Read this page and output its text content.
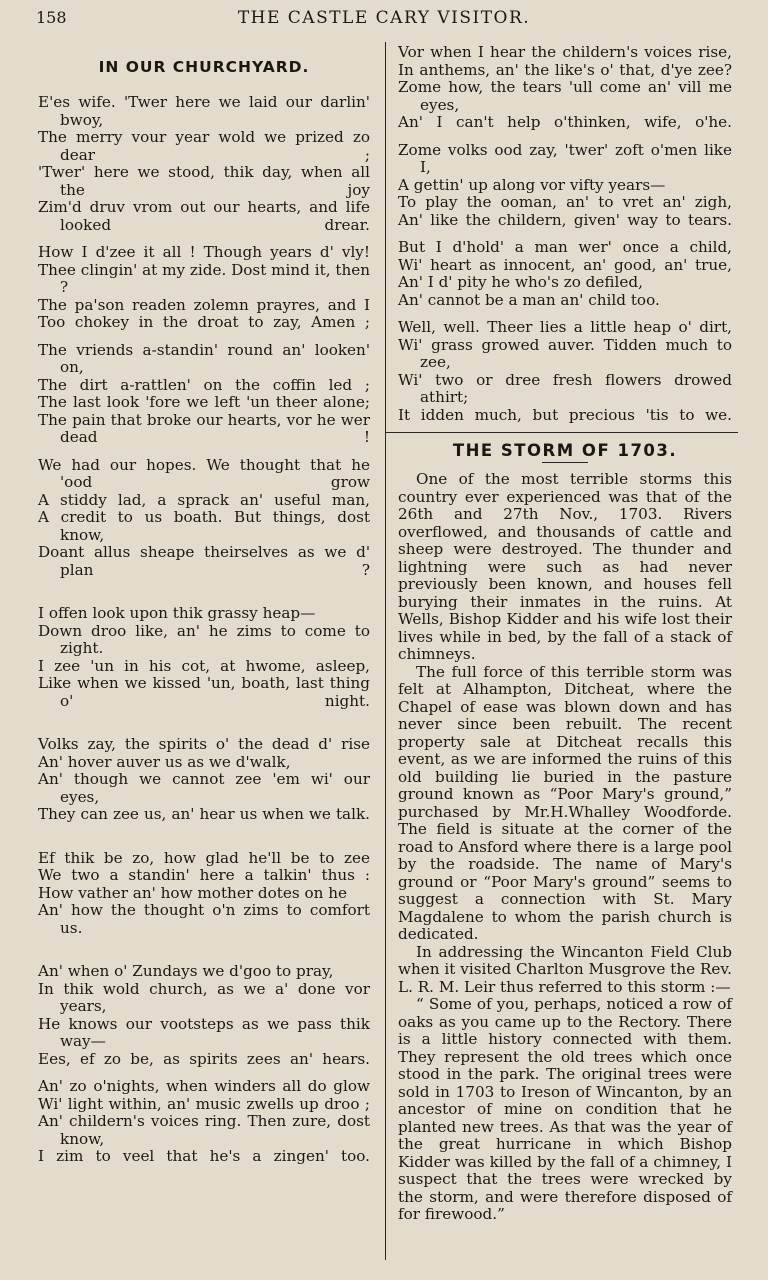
158	THE CASTLE CARY VISITOR.
IN OUR CHURCHYARD.
E'es wife. 'Twer here we laid our darlin' bwoy,
The merry vour year wold we prized zo dear ;
'Twer' here we stood, thik day, when all the joy
Zim'd druv vrom out our hearts, and life looked drear.
How I d'zee it all ! Though years d' vly!
Thee clingin' at my zide. Dost mind it, then ?
The pa'son readen zolemn prayres, and I
Too chokey in the droat to zay, Amen ;
The vriends a-standin' round an' looken' on,
The dirt a-rattlen' on the coffin led ;
The last look 'fore we left 'un theer alone;
The pain that broke our hearts, vor he wer dead !
We had our hopes. We thought that he 'ood grow
A stiddy lad, a sprack an' useful man,
A credit to us boath. But things, dost know,
Doant allus sheape theirselves as we d' plan ?
I offen look upon thik grassy heap—
Down droo like, an' he zims to come to zight.
I zee 'un in his cot, at hwome, asleep,
Like when we kissed 'un, boath, last thing o' night.
Volks zay, the spirits o' the dead d' rise
An' hover auver us as we d'walk,
An' though we cannot zee 'em wi' our eyes,
They can zee us, an' hear us when we talk.
Ef thik be zo, how glad he'll be to zee
We two a standin' here a talkin' thus :
How vather an' how mother dotes on he
An' how the thought o'n zims to comfort us.
An' when o' Zundays we d'goo to pray,
In thik wold church, as we a' done vor years,
He knows our vootsteps as we pass thik way—
Ees, ef zo be, as spirits zees an' hears.
An' zo o'nights, when winders all do glow
Wi' light within, an' music zwells up droo ;
An' childern's voices ring. Then zure, dost know,
I zim to veel that he's a zingen' too.
Vor when I hear the childern's voices rise,
In anthems, an' the like's o' that, d'ye zee?
Zome how, the tears 'ull come an' vill me eyes,
An' I can't help o'thinken, wife, o'he.
Zome volks ood zay, 'twer' zoft o'men like I,
A gettin' up along vor vifty years—
To play the ooman, an' to vret an' zigh,
An' like the childern, given' way to tears.
But I d'hold' a man wer' once a child,
Wi' heart as innocent, an' good, an' true,
An' I d' pity he who's zo defiled,
An' cannot be a man an' child too.
Well, well. Theer lies a little heap o' dirt,
Wi' grass growed auver. Tidden much to zee,
Wi' two or dree fresh flowers drowed athirt;
It idden much, but precious 'tis to we.
THE STORM OF 1703.

One of the most terrible storms this country ever experienced was that of the 26th and 27th Nov., 1703. Rivers overflowed, and thousands of cattle and sheep were destroyed. The thunder and lightning were such as had never previously been known, and houses fell burying their inmates in the ruins. At Wells, Bishop Kidder and his wife lost their lives while in bed, by the fall of a stack of chimneys.

The full force of this terrible storm was felt at Alhampton, Ditcheat, where the Chapel of ease was blown down and has never since been rebuilt. The recent property sale at Ditcheat recalls this event, as we are informed the ruins of this old building lie buried in the pasture ground known as “Poor Mary's ground,” purchased by Mr.H.Whalley Woodforde. The field is situate at the corner of the road to Ansford where there is a large pool by the roadside. The name of Mary's ground or “Poor Mary's ground” seems to suggest a connection with St. Mary Magdalene to whom the parish church is dedicated.

In addressing the Wincanton Field Club when it visited Charlton Musgrove the Rev. L. R. M. Leir thus referred to this storm :—

“ Some of you, perhaps, noticed a row of oaks as you came up to the Rectory. There is a little history connected with them. They represent the old trees which once stood in the park. The original trees were sold in 1703 to Ireson of Wincanton, by an ancestor of mine on condition that he planted new trees. As that was the year of the great hurricane in which Bishop Kidder was killed by the fall of a chimney, I suspect that the trees were wrecked by the storm, and were therefore disposed of for firewood.”
